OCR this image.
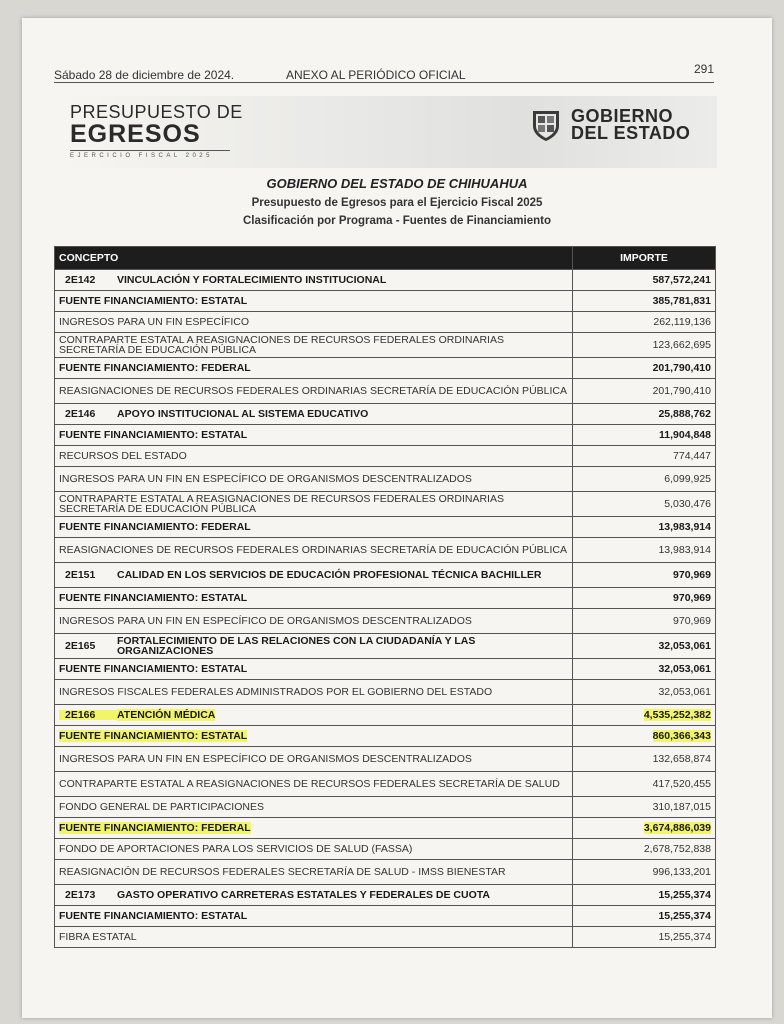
Sábado 28 de diciembre de 2024.	ANEXO AL PERIÓDICO OFICIAL	291
PRESUPUESTO DE
EGRESOS
EJERCICIO FISCAL 2025
GOBIERNO
DEL ESTADO
GOBIERNO DEL ESTADO DE CHIHUAHUA
Presupuesto de Egresos para el Ejercicio Fiscal 2025
Clasificación por Programa - Fuentes de Financiamiento
CONCEPTO	IMPORTE
2E142 VINCULACIÓN Y FORTALECIMIENTO INSTITUCIONAL	587,572,241
FUENTE FINANCIAMIENTO: ESTATAL	385,781,831
INGRESOS PARA UN FIN ESPECÍFICO	262,119,136
CONTRAPARTE ESTATAL A REASIGNACIONES DE RECURSOS FEDERALES ORDINARIAS SECRETARÍA DE EDUCACIÓN PÚBLICA	123,662,695
FUENTE FINANCIAMIENTO: FEDERAL	201,790,410
REASIGNACIONES DE RECURSOS FEDERALES ORDINARIAS SECRETARÍA DE EDUCACIÓN PÚBLICA	201,790,410
2E146 APOYO INSTITUCIONAL AL SISTEMA EDUCATIVO	25,888,762
FUENTE FINANCIAMIENTO: ESTATAL	11,904,848
RECURSOS DEL ESTADO	774,447
INGRESOS PARA UN FIN EN ESPECÍFICO DE ORGANISMOS DESCENTRALIZADOS	6,099,925
CONTRAPARTE ESTATAL A REASIGNACIONES DE RECURSOS FEDERALES ORDINARIAS SECRETARÍA DE EDUCACIÓN PÚBLICA	5,030,476
FUENTE FINANCIAMIENTO: FEDERAL	13,983,914
REASIGNACIONES DE RECURSOS FEDERALES ORDINARIAS SECRETARÍA DE EDUCACIÓN PÚBLICA	13,983,914
2E151 CALIDAD EN LOS SERVICIOS DE EDUCACIÓN PROFESIONAL TÉCNICA BACHILLER	970,969
FUENTE FINANCIAMIENTO: ESTATAL	970,969
INGRESOS PARA UN FIN EN ESPECÍFICO DE ORGANISMOS DESCENTRALIZADOS	970,969
2E165 FORTALECIMIENTO DE LAS RELACIONES CON LA CIUDADANÍA Y LAS ORGANIZACIONES	32,053,061
FUENTE FINANCIAMIENTO: ESTATAL	32,053,061
INGRESOS FISCALES FEDERALES ADMINISTRADOS POR EL GOBIERNO DEL ESTADO	32,053,061
2E166 ATENCIÓN MÉDICA	4,535,252,382
FUENTE FINANCIAMIENTO: ESTATAL	860,366,343
INGRESOS PARA UN FIN EN ESPECÍFICO DE ORGANISMOS DESCENTRALIZADOS	132,658,874
CONTRAPARTE ESTATAL A REASIGNACIONES DE RECURSOS FEDERALES SECRETARÍA DE SALUD	417,520,455
FONDO GENERAL DE PARTICIPACIONES	310,187,015
FUENTE FINANCIAMIENTO: FEDERAL	3,674,886,039
FONDO DE APORTACIONES PARA LOS SERVICIOS DE SALUD (FASSA)	2,678,752,838
REASIGNACIÓN DE RECURSOS FEDERALES SECRETARÍA DE SALUD - IMSS BIENESTAR	996,133,201
2E173 GASTO OPERATIVO CARRETERAS ESTATALES Y FEDERALES DE CUOTA	15,255,374
FUENTE FINANCIAMIENTO: ESTATAL	15,255,374
FIBRA ESTATAL	15,255,374
